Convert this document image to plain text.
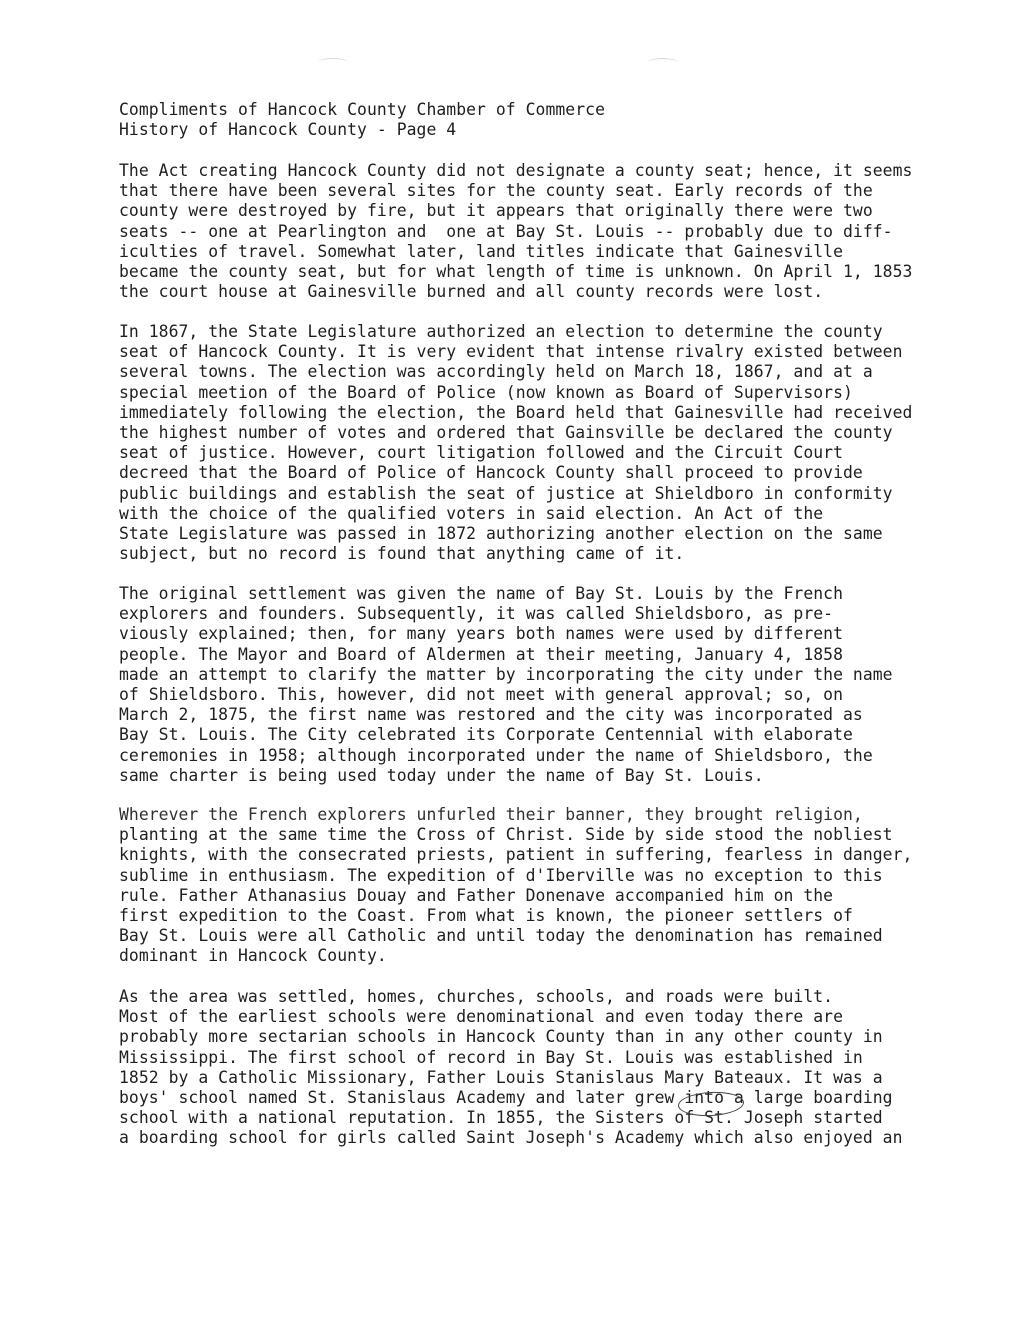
Compliments of Hancock County Chamber of Commerce
History of Hancock County - Page 4
The Act creating Hancock County did not designate a county seat; hence, it seems
that there have been several sites for the county seat. Early records of the
county were destroyed by fire, but it appears that originally there were two
seats -- one at Pearlington and  one at Bay St. Louis -- probably due to diff-
iculties of travel. Somewhat later, land titles indicate that Gainesville
became the county seat, but for what length of time is unknown. On April 1, 1853
the court house at Gainesville burned and all county records were lost.
In 1867, the State Legislature authorized an election to determine the county
seat of Hancock County. It is very evident that intense rivalry existed between
several towns. The election was accordingly held on March 18, 1867, and at a
special meetion of the Board of Police (now known as Board of Supervisors)
immediately following the election, the Board held that Gainesville had received
the highest number of votes and ordered that Gainsville be declared the county
seat of justice. However, court litigation followed and the Circuit Court
decreed that the Board of Police of Hancock County shall proceed to provide
public buildings and establish the seat of justice at Shieldboro in conformity
with the choice of the qualified voters in said election. An Act of the
State Legislature was passed in 1872 authorizing another election on the same
subject, but no record is found that anything came of it.
The original settlement was given the name of Bay St. Louis by the French
explorers and founders. Subsequently, it was called Shieldsboro, as pre-
viously explained; then, for many years both names were used by different
people. The Mayor and Board of Aldermen at their meeting, January 4, 1858
made an attempt to clarify the matter by incorporating the city under the name
of Shieldsboro. This, however, did not meet with general approval; so, on
March 2, 1875, the first name was restored and the city was incorporated as
Bay St. Louis. The City celebrated its Corporate Centennial with elaborate
ceremonies in 1958; although incorporated under the name of Shieldsboro, the
same charter is being used today under the name of Bay St. Louis.
Wherever the French explorers unfurled their banner, they brought religion,
planting at the same time the Cross of Christ. Side by side stood the nobliest
knights, with the consecrated priests, patient in suffering, fearless in danger,
sublime in enthusiasm. The expedition of d'Iberville was no exception to this
rule. Father Athanasius Douay and Father Donenave accompanied him on the
first expedition to the Coast. From what is known, the pioneer settlers of
Bay St. Louis were all Catholic and until today the denomination has remained
dominant in Hancock County.
As the area was settled, homes, churches, schools, and roads were built.
Most of the earliest schools were denominational and even today there are
probably more sectarian schools in Hancock County than in any other county in
Mississippi. The first school of record in Bay St. Louis was established in
1852 by a Catholic Missionary, Father Louis Stanislaus Mary Bateaux. It was a
boys' school named St. Stanislaus Academy and later grew into a large boarding
school with a national reputation. In 1855, the Sisters of St. Joseph started
a boarding school for girls called Saint Joseph's Academy which also enjoyed an
